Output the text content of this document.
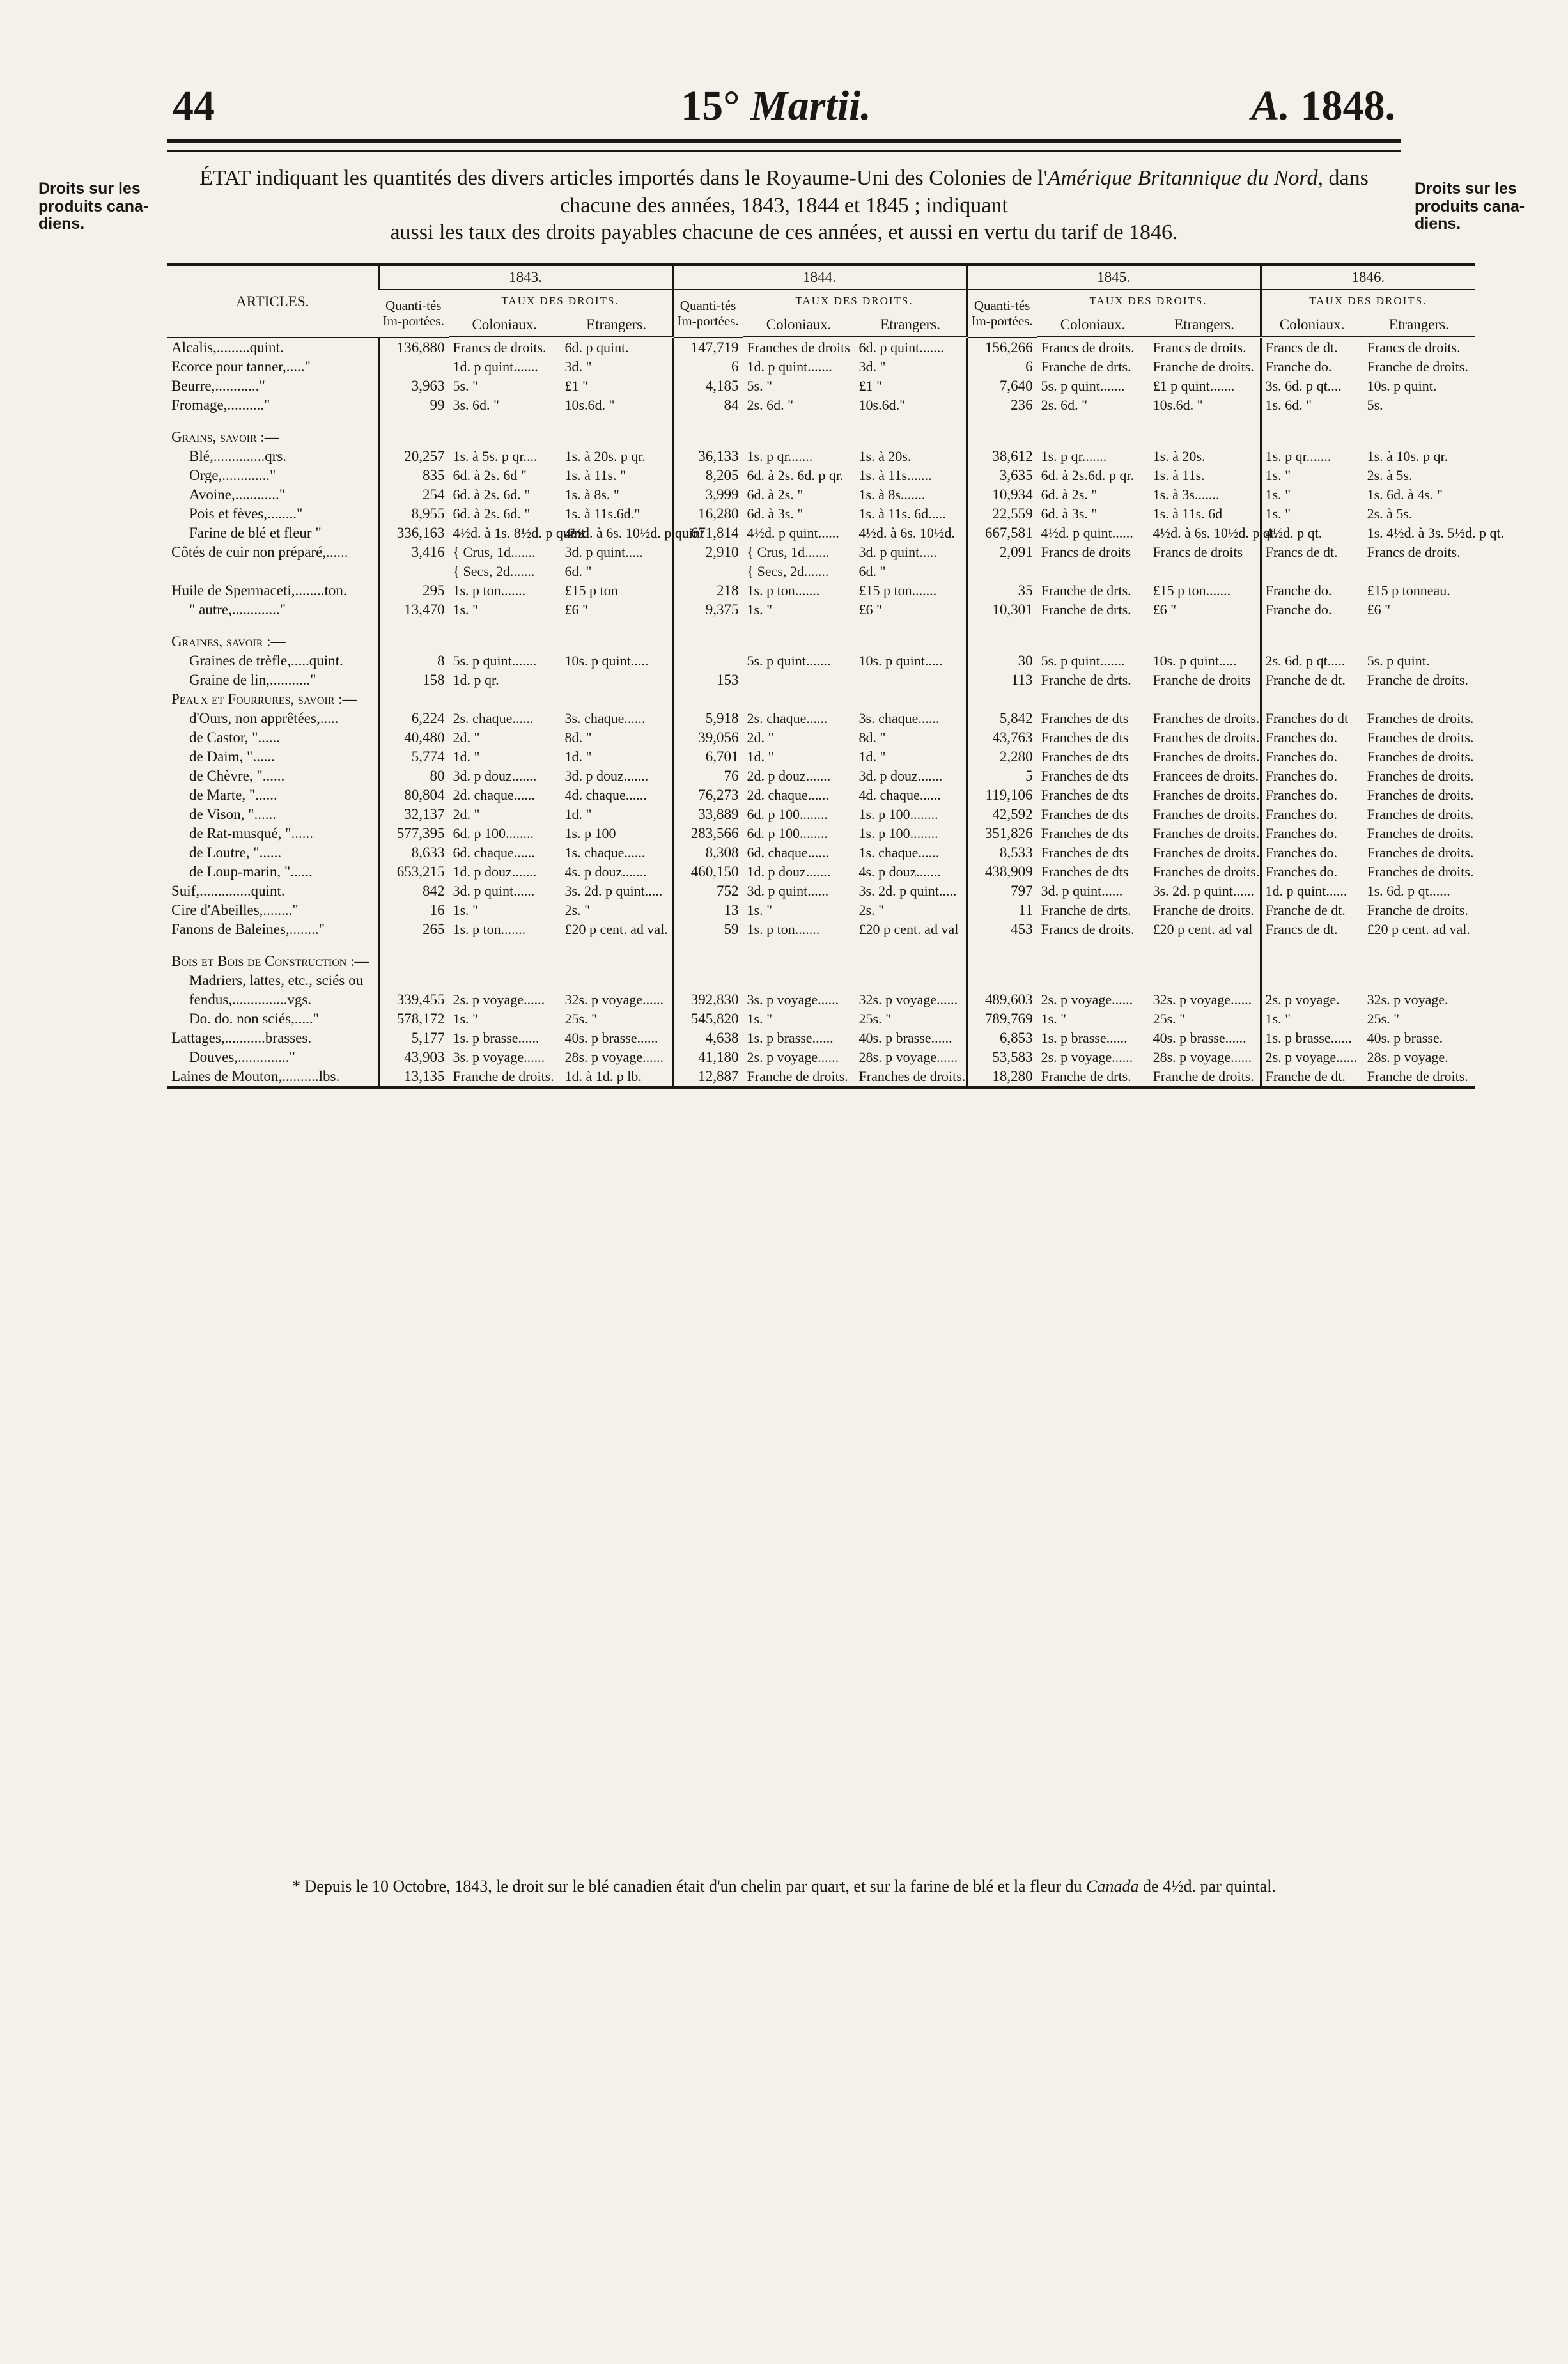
44	15° Martii.	A. 1848.
Droits sur les produits cana-diens.
Droits sur les produits cana-diens.
ÉTAT indiquant les quantités des divers articles importés dans le Royaume-Uni des Colonies de l'Amérique Britannique du Nord, dans chacune des années, 1843, 1844 et 1845 ; indiquant
aussi les taux des droits payables chacune de ces années, et aussi en vertu du tarif de 1846.
ARTICLES.	1843.			1844.			1845.			1846.	
	Quanti-tés Im-portées.	TAUX DES DROITS.		Quanti-tés Im-portées.	TAUX DES DROITS.		Quanti-tés Im-portées.	TAUX DES DROITS.		TAUX DES DROITS.	
		Coloniaux.	Etrangers.		Coloniaux.	Etrangers.		Coloniaux.	Etrangers.	Coloniaux.	Etrangers.
Alcalis,.........quint.	136,880	Francs de droits.	6d. p quint.	147,719	Franches de droits	6d. p quint.......	156,266	Francs de droits.	Francs de droits.	Francs de dt.	Francs de droits.
Ecorce pour tanner,....."		1d. p quint.......	3d. "	6	1d. p quint.......	3d. "	6	Franche de drts.	Franche de droits.	Franche do.	Franche de droits.
Beurre,............"	3,963	5s. "	£1 "	4,185	5s. "	£1 "	7,640	5s. p quint.......	£1 p quint.......	3s. 6d. p qt....	10s. p quint.
Fromage,.........."	99	3s. 6d. "	10s.6d. "	84	2s. 6d. "	10s.6d."	236	2s. 6d. "	10s.6d. "	1s. 6d. "	5s.

Grains, savoir :—											
Blé,..............qrs.	20,257	1s. à 5s. p qr....	1s. à 20s. p qr.	36,133	1s. p qr.......	1s. à 20s.	38,612	1s. p qr.......	1s. à 20s.	1s. p qr.......	1s. à 10s. p qr.
Orge,............."	835	6d. à 2s. 6d "	1s. à 11s. "	8,205	6d. à 2s. 6d. p qr.	1s. à 11s.......	3,635	6d. à 2s.6d. p qr.	1s. à 11s.	1s. "	2s. à 5s.
Avoine,............"	254	6d. à 2s. 6d. "	1s. à 8s. "	3,999	6d. à 2s. "	1s. à 8s.......	10,934	6d. à 2s. "	1s. à 3s.......	1s. "	1s. 6d. à 4s. "
Pois et fèves,........"	8,955	6d. à 2s. 6d. "	1s. à 11s.6d."	16,280	6d. à 3s. "	1s. à 11s. 6d.....	22,559	6d. à 3s. "	1s. à 11s. 6d	1s. "	2s. à 5s.
Farine de blé et fleur "	336,163	4½d. à 1s. 8½d. p quint	4½d. à 6s. 10½d. p quint	671,814	4½d. p quint......	4½d. à 6s. 10½d.	667,581	4½d. p quint......	4½d. à 6s. 10½d. p qt.	4½d. p qt.	1s. 4½d. à 3s. 5½d. p qt.
Côtés de cuir non préparé,......	3,416	{ Crus, 1d.......	3d. p quint.....	2,910	{ Crus, 1d.......	3d. p quint.....	2,091	Francs de droits	Francs de droits	Francs de dt.	Francs de droits.
		{ Secs, 2d.......	6d. "		{ Secs, 2d.......	6d. "					
Huile de Spermaceti,........ton.	295	1s. p ton.......	£15 p ton	218	1s. p ton.......	£15 p ton.......	35	Franche de drts.	£15 p ton.......	Franche do.	£15 p tonneau.
" autre,............."	13,470	1s. "	£6 "	9,375	1s. "	£6 "	10,301	Franche de drts.	£6 "	Franche do.	£6 "

Graines, savoir :—											
Graines de trèfle,.....quint.	8	5s. p quint.......	10s. p quint.....		5s. p quint.......	10s. p quint.....	30	5s. p quint.......	10s. p quint.....	2s. 6d. p qt.....	5s. p quint.
Graine de lin,..........."	158	1d. p qr.		153			113	Franche de drts.	Franche de droits	Franche de dt.	Franche de droits.
Peaux et Fourrures, savoir :—											
d'Ours, non apprêtées,.....	6,224	2s. chaque......	3s. chaque......	5,918	2s. chaque......	3s. chaque......	5,842	Franches de dts	Franches de droits.	Franches do dt	Franches de droits.
de Castor, "......	40,480	2d. "	8d. "	39,056	2d. "	8d. "	43,763	Franches de dts	Franches de droits.	Franches do.	Franches de droits.
de Daim, "......	5,774	1d. "	1d. "	6,701	1d. "	1d. "	2,280	Franches de dts	Franches de droits.	Franches do.	Franches de droits.
de Chèvre, "......	80	3d. p douz.......	3d. p douz.......	76	2d. p douz.......	3d. p douz.......	5	Franches de dts	Francees de droits.	Franches do.	Franches de droits.
de Marte, "......	80,804	2d. chaque......	4d. chaque......	76,273	2d. chaque......	4d. chaque......	119,106	Franches de dts	Franches de droits.	Franches do.	Franches de droits.
de Vison, "......	32,137	2d. "	1d. "	33,889	6d. p 100........	1s. p 100........	42,592	Franches de dts	Franches de droits.	Franches do.	Franches de droits.
de Rat-musqué, "......	577,395	6d. p 100........	1s. p 100	283,566	6d. p 100........	1s. p 100........	351,826	Franches de dts	Franches de droits.	Franches do.	Franches de droits.
de Loutre, "......	8,633	6d. chaque......	1s. chaque......	8,308	6d. chaque......	1s. chaque......	8,533	Franches de dts	Franches de droits.	Franches do.	Franches de droits.
de Loup-marin, "......	653,215	1d. p douz.......	4s. p douz.......	460,150	1d. p douz.......	4s. p douz.......	438,909	Franches de dts	Franches de droits.	Franches do.	Franches de droits.
Suif,..............quint.	842	3d. p quint......	3s. 2d. p quint.....	752	3d. p quint......	3s. 2d. p quint.....	797	3d. p quint......	3s. 2d. p quint......	1d. p quint......	1s. 6d. p qt......
Cire d'Abeilles,........"	16	1s. "	2s. "	13	1s. "	2s. "	11	Franche de drts.	Franche de droits.	Franche de dt.	Franche de droits.
Fanons de Baleines,........"	265	1s. p ton.......	£20 p cent. ad val.	59	1s. p ton.......	£20 p cent. ad val	453	Francs de droits.	£20 p cent. ad val	Francs de dt.	£20 p cent. ad val.

Bois et Bois de Construction :—											
Madriers, lattes, etc., sciés ou											
fendus,...............vgs.	339,455	2s. p voyage......	32s. p voyage......	392,830	3s. p voyage......	32s. p voyage......	489,603	2s. p voyage......	32s. p voyage......	2s. p voyage.	32s. p voyage.
Do. do. non sciés,....."	578,172	1s. "	25s. "	545,820	1s. "	25s. "	789,769	1s. "	25s. "	1s. "	25s. "
Lattages,...........brasses.	5,177	1s. p brasse......	40s. p brasse......	4,638	1s. p brasse......	40s. p brasse......	6,853	1s. p brasse......	40s. p brasse......	1s. p brasse......	40s. p brasse.
Douves,.............."	43,903	3s. p voyage......	28s. p voyage......	41,180	2s. p voyage......	28s. p voyage......	53,583	2s. p voyage......	28s. p voyage......	2s. p voyage......	28s. p voyage.
Laines de Mouton,..........lbs.	13,135	Franche de droits.	1d. à 1d. p lb.	12,887	Franche de droits.	Franches de droits.	18,280	Franche de drts.	Franche de droits.	Franche de dt.	Franche de droits.
* Depuis le 10 Octobre, 1843, le droit sur le blé canadien était d'un chelin par quart, et sur la farine de blé et la fleur du Canada de 4½d. par quintal.
